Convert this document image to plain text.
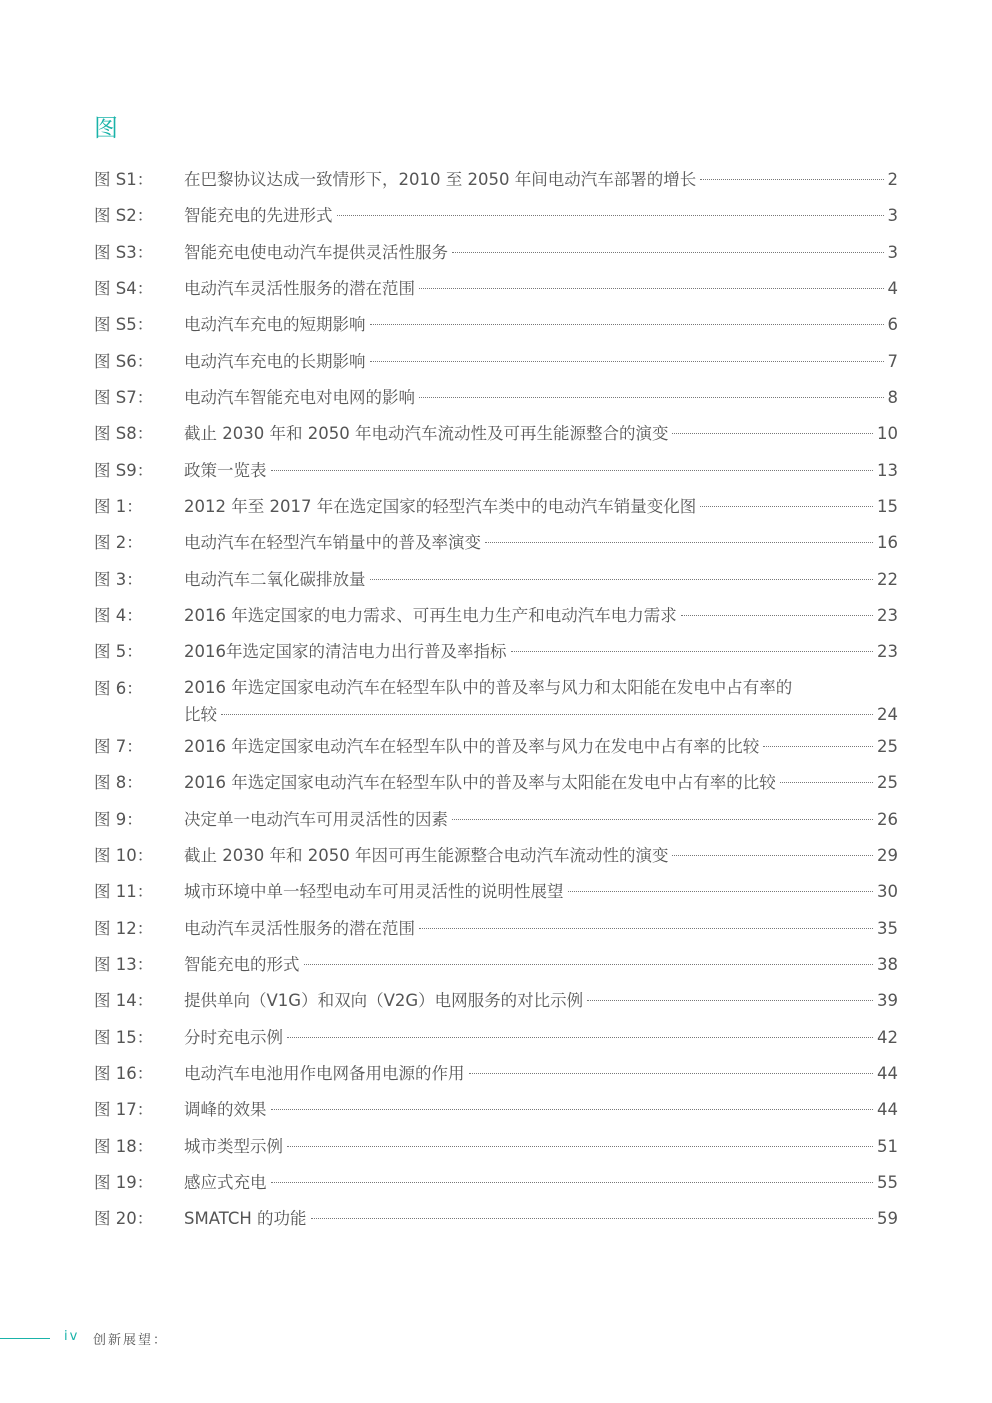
图
图 S1：	在巴黎协议达成一致情形下，2010 至 2050 年间电动汽车部署的增长	2
图 S2：	智能充电的先进形式	3
图 S3：	智能充电使电动汽车提供灵活性服务	3
图 S4：	电动汽车灵活性服务的潜在范围	4
图 S5：	电动汽车充电的短期影响	6
图 S6：	电动汽车充电的长期影响	7
图 S7：	电动汽车智能充电对电网的影响	8
图 S8：	截止 2030 年和 2050 年电动汽车流动性及可再生能源整合的演变	10
图 S9：	政策一览表	13
图 1：	2012 年至 2017 年在选定国家的轻型汽车类中的电动汽车销量变化图	15
图 2：	电动汽车在轻型汽车销量中的普及率演变	16
图 3：	电动汽车二氧化碳排放量	22
图 4：	2016 年选定国家的电力需求、可再生电力生产和电动汽车电力需求	23
图 5：	2016年选定国家的清洁电力出行普及率指标	23
图 6：	2016 年选定国家电动汽车在轻型车队中的普及率与风力和太阳能在发电中占有率的
比较	24
图 7：	2016 年选定国家电动汽车在轻型车队中的普及率与风力在发电中占有率的比较	25
图 8：	2016 年选定国家电动汽车在轻型车队中的普及率与太阳能在发电中占有率的比较	25
图 9：	决定单一电动汽车可用灵活性的因素	26
图 10：	截止 2030 年和 2050 年因可再生能源整合电动汽车流动性的演变	29
图 11：	城市环境中单一轻型电动车可用灵活性的说明性展望	30
图 12：	电动汽车灵活性服务的潜在范围	35
图 13：	智能充电的形式	38
图 14：	提供单向（V1G）和双向（V2G）电网服务的对比示例	39
图 15：	分时充电示例	42
图 16：	电动汽车电池用作电网备用电源的作用	44
图 17：	调峰的效果	44
图 18：	城市类型示例	51
图 19：	感应式充电	55
图 20：	SMATCH 的功能	59
iv 创新展望：
